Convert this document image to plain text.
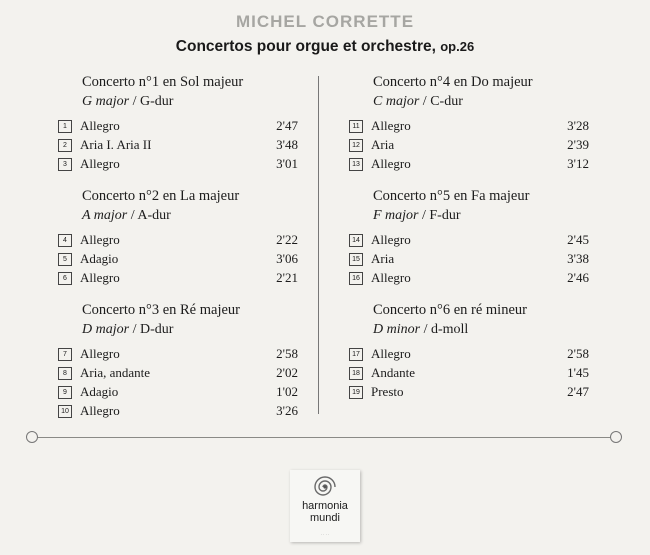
MICHEL CORRETTE
Concertos pour orgue et orchestre, op.26
Concerto n°1 en Sol majeur
G major / G-dur
1	Allegro	2'47
2	Aria I. Aria II	3'48
3	Allegro	3'01
Concerto n°2 en La majeur
A major / A-dur
4	Allegro	2'22
5	Adagio	3'06
6	Allegro	2'21
Concerto n°3 en Ré majeur
D major / D-dur
7	Allegro	2'58
8	Aria, andante	2'02
9	Adagio	1'02
10 Allegro	3'26
Concerto n°4 en Do majeur
C major / C-dur
11 Allegro	3'28
12 Aria	2'39
13 Allegro	3'12
Concerto n°5 en Fa majeur
F major / F-dur
14 Allegro	2'45
15 Aria	3'38
16 Allegro	2'46
Concerto n°6 en ré mineur
D minor / d-moll
17 Allegro	2'58
18 Andante	1'45
19 Presto	2'47
harmonia
mundi
· · · ·
